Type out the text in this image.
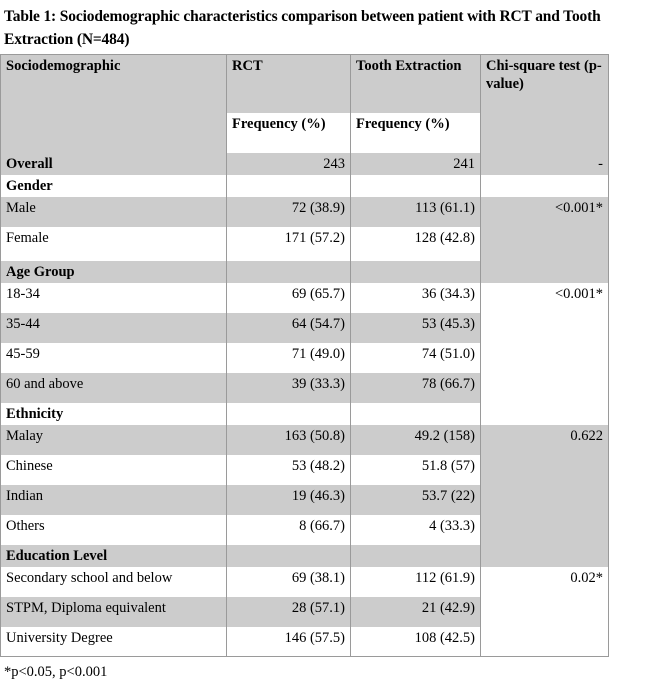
Table 1: Sociodemographic characteristics comparison between patient with RCT and Tooth Extraction (N=484)
Sociodemographic	RCT	Tooth Extraction	Chi-square test (p-value)
	Frequency (%)	Frequency (%)	
Overall	243	241	-
Gender			
Male	72 (38.9)	113 (61.1)	<0.001*
Female	171 (57.2)	128 (42.8)	
Age Group			
18-34	69 (65.7)	36 (34.3)	<0.001*
35-44	64 (54.7)	53 (45.3)	
45-59	71 (49.0)	74 (51.0)	
60 and above	39 (33.3)	78 (66.7)	
Ethnicity			
Malay	163 (50.8)	49.2 (158)	0.622
Chinese	53 (48.2)	51.8 (57)	
Indian	19 (46.3)	53.7 (22)	
Others	8 (66.7)	4 (33.3)	
Education Level			
Secondary school and below	69 (38.1)	112 (61.9)	0.02*
STPM, Diploma equivalent	28 (57.1)	21 (42.9)	
University Degree	146 (57.5)	108 (42.5)	
*p<0.05, p<0.001
